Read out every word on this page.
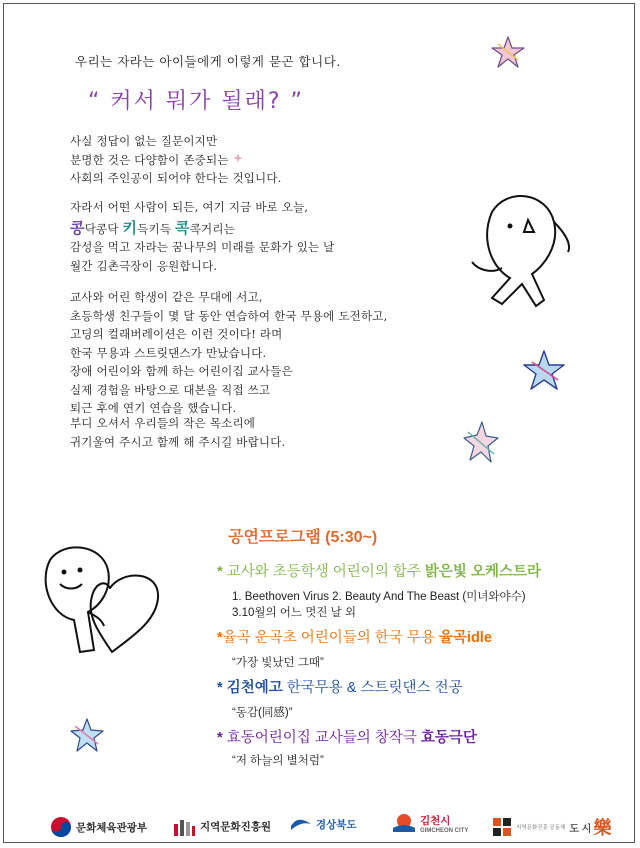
우리는 자라는 아이들에게 이렇게 묻곤 합니다.
“ 커서 뭐가 될래? ”
사실 정답이 없는 질문이지만
분명한 것은 다양함이 존중되는
사회의 주인공이 되어야 한다는 것입니다.
자라서 어떤 사람이 되든, 여기 지금 바로 오늘,
콩닥콩닥 키득키득 콕콕거리는
감성을 먹고 자라는 꿈나무의 미래를 문화가 있는 날
월간 김촌극장이 응원합니다.
교사와 어린 학생이 같은 무대에 서고,
초등학생 친구들이 몇 달 동안 연습하여 한국 무용에 도전하고,
고딩의 컬래버레이션은 이런 것이다! 라며
한국 무용과 스트릿댄스가 만났습니다.
장애 어린이와 함께 하는 어린이집 교사들은
실제 경험을 바탕으로 대본을 직접 쓰고
퇴근 후에 연기 연습을 했습니다.
부디 오셔서 우리들의 작은 목소리에
귀기울여 주시고 함께 해 주시길 바랍니다.
공연프로그램 (5:30~)
* 교사와 초등학생 어린이의 합주 밝은빛 오케스트라
1. Beethoven Virus 2. Beauty And The Beast (미녀와야수)
3.10월의 어느 멋진 날 외
*율곡 운곡초 어린이들의 한국 무용 율곡idle
“가장 빛났던 그때”
* 김천예고 한국무용 & 스트릿댄스 전공
“동감(同感)”
* 효동어린이집 교사들의 창작극 효동극단
“저 하늘의 별처럼”
문화체육관광부	지역문화진흥원	경상북도	김천시
GIMCHEON CITY	지역문화진흥 공동체 도 시 樂
